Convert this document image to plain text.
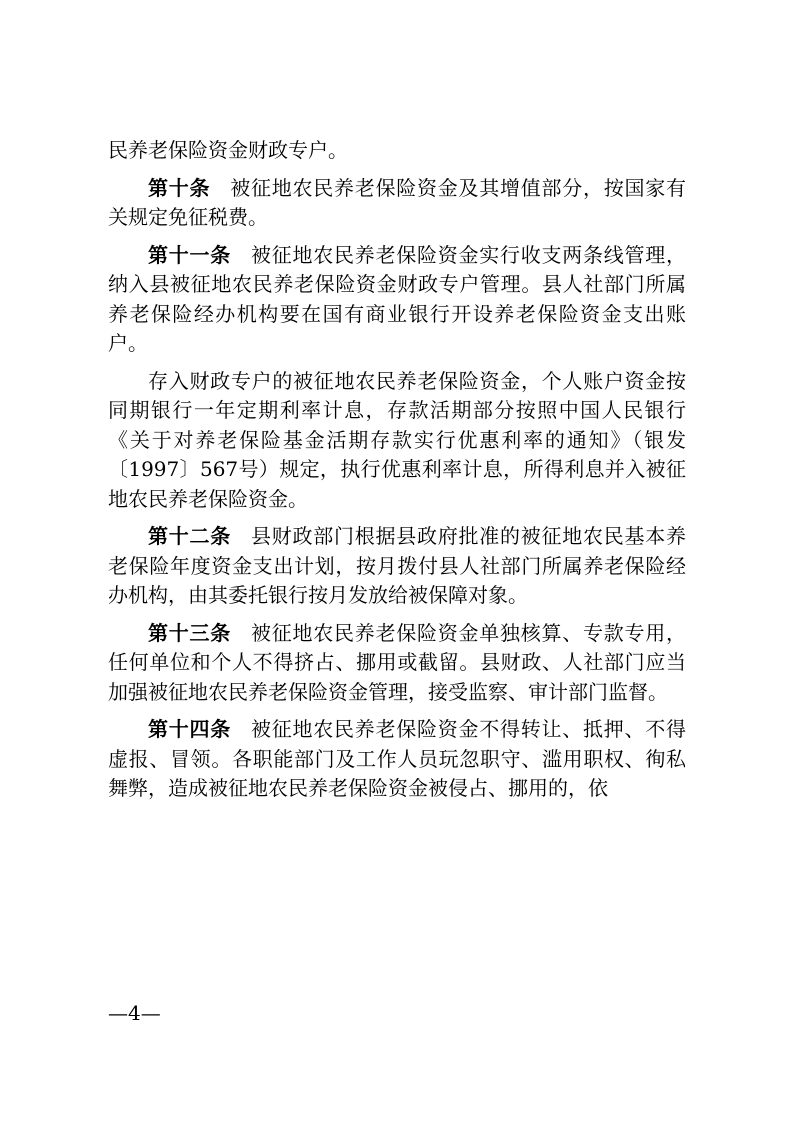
民养老保险资金财政专户。

第十条 被征地农民养老保险资金及其增值部分，按国家有关规定免征税费。

第十一条 被征地农民养老保险资金实行收支两条线管理，纳入县被征地农民养老保险资金财政专户管理。县人社部门所属养老保险经办机构要在国有商业银行开设养老保险资金支出账户。

存入财政专户的被征地农民养老保险资金，个人账户资金按同期银行一年定期利率计息，存款活期部分按照中国人民银行《关于对养老保险基金活期存款实行优惠利率的通知》（银发〔1997〕567号）规定，执行优惠利率计息，所得利息并入被征地农民养老保险资金。

第十二条 县财政部门根据县政府批准的被征地农民基本养老保险年度资金支出计划，按月拨付县人社部门所属养老保险经办机构，由其委托银行按月发放给被保障对象。

第十三条 被征地农民养老保险资金单独核算、专款专用，任何单位和个人不得挤占、挪用或截留。县财政、人社部门应当加强被征地农民养老保险资金管理，接受监察、审计部门监督。

第十四条 被征地农民养老保险资金不得转让、抵押、不得虚报、冒领。各职能部门及工作人员玩忽职守、滥用职权、徇私舞弊，造成被征地农民养老保险资金被侵占、挪用的，依

—4—
